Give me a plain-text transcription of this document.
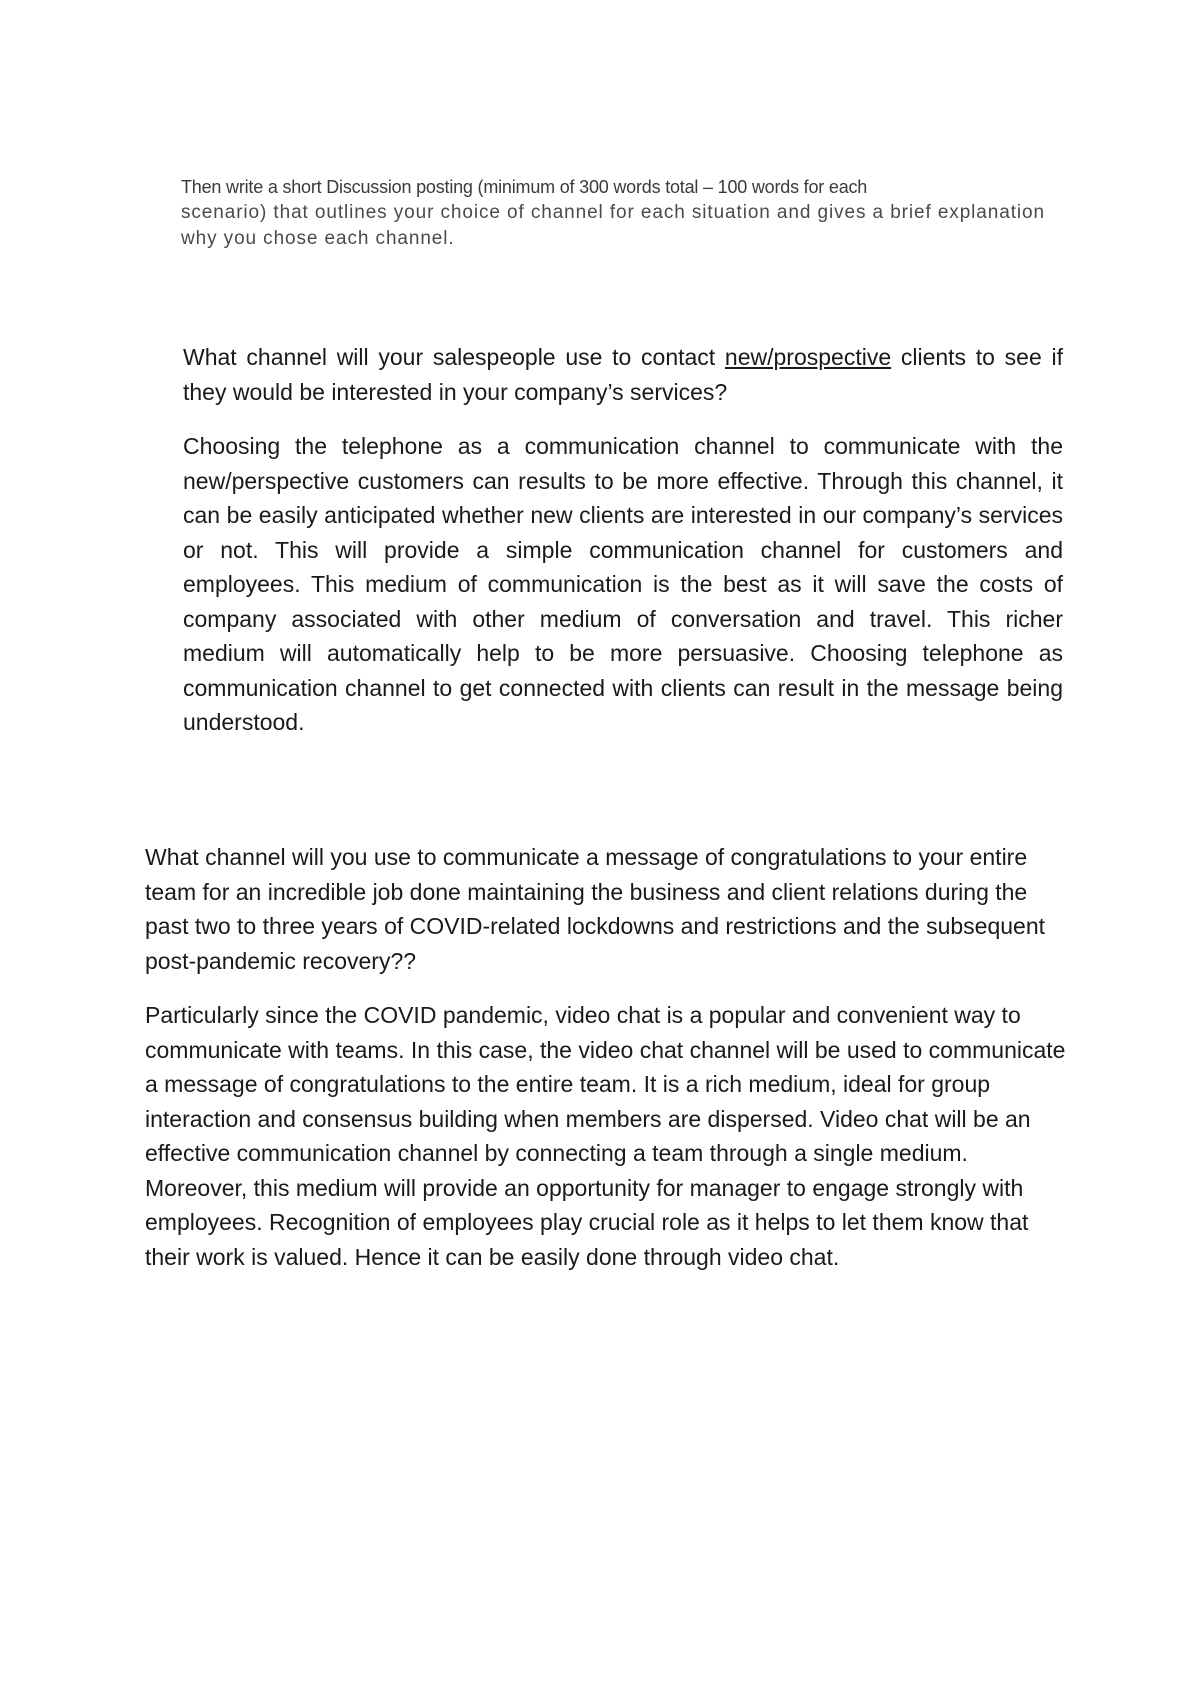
Then write a short Discussion posting (minimum of 300 words total – 100 words for each
scenario) that outlines your choice of channel for each situation and gives a brief explanation why you chose each channel.

What channel will your salespeople use to contact new/prospective clients to see if they would be interested in your company’s services?

Choosing the telephone as a communication channel to communicate with the new/perspective customers can results to be more effective. Through this channel, it can be easily anticipated whether new clients are interested in our company’s services or not. This will provide a simple communication channel for customers and employees. This medium of communication is the best as it will save the costs of company associated with other medium of conversation and travel. This richer medium will automatically help to be more persuasive. Choosing telephone as communication channel to get connected with clients can result in the message being understood.

What channel will you use to communicate a message of congratulations to your entire team for an incredible job done maintaining the business and client relations during the past two to three years of COVID-related lockdowns and restrictions and the subsequent post-pandemic recovery??

Particularly since the COVID pandemic, video chat is a popular and convenient way to communicate with teams. In this case, the video chat channel will be used to communicate a message of congratulations to the entire team. It is a rich medium, ideal for group interaction and consensus building when members are dispersed. Video chat will be an effective communication channel by connecting a team through a single medium. Moreover, this medium will provide an opportunity for manager to engage strongly with employees. Recognition of employees play crucial role as it helps to let them know that their work is valued. Hence it can be easily done through video chat.
